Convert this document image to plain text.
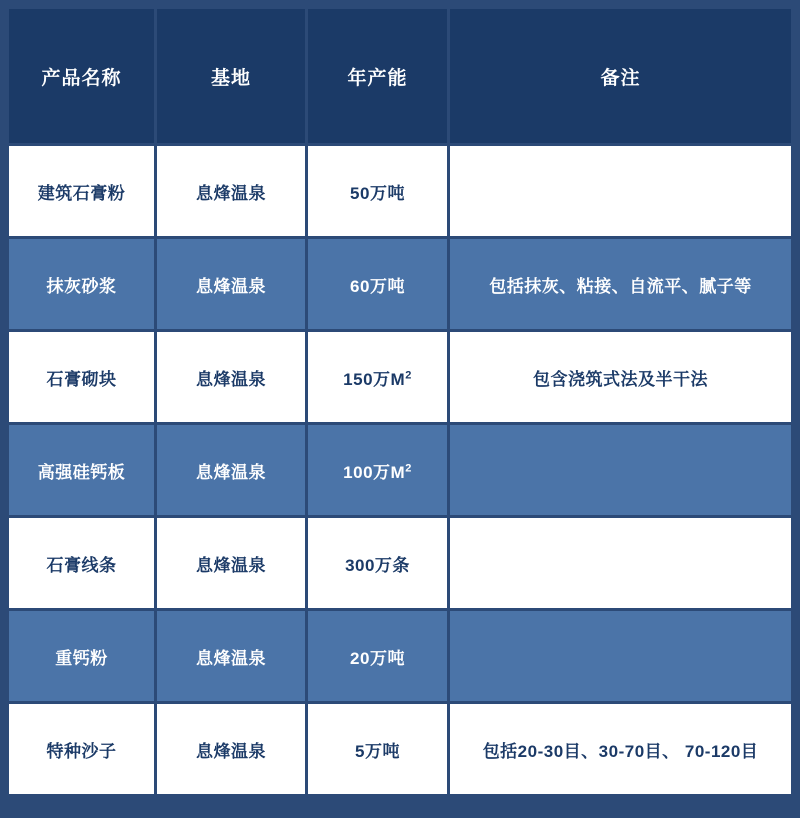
产品名称	基地	年产能	备注
建筑石膏粉	息烽温泉	50万吨	
抹灰砂浆	息烽温泉	60万吨	包括抹灰、粘接、自流平、腻子等
石膏砌块	息烽温泉	150万$M^2$	包含浇筑式法及半干法
高强硅钙板	息烽温泉	100万$M^2$	
石膏线条	息烽温泉	300万条	
重钙粉	息烽温泉	20万吨	
特种沙子	息烽温泉	5万吨	包括20-30目、30-70目、 70-120目
